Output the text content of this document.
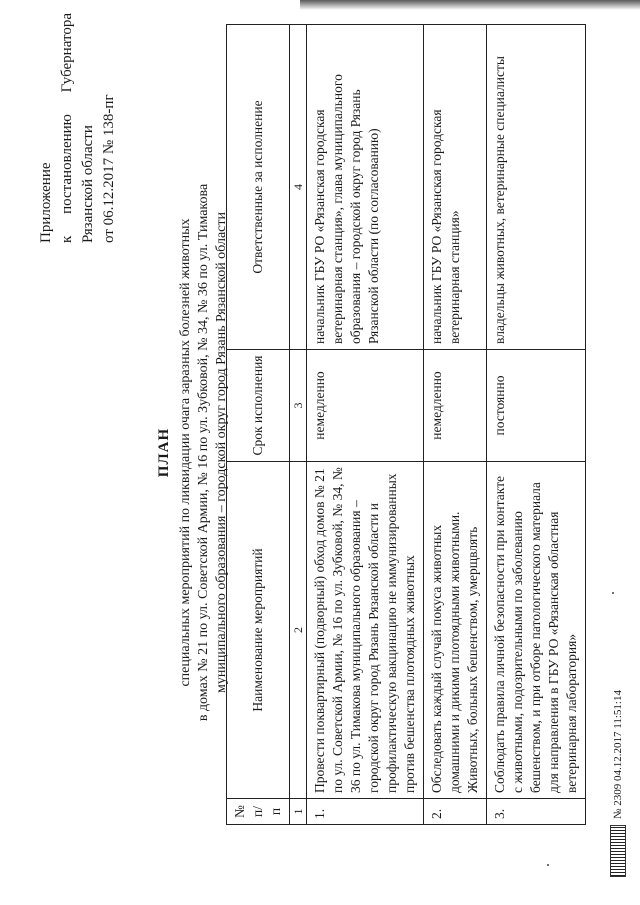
Приложение к
постановлению
Губернатора
Рязанской области от 06.12.2017 № 138-пг
ПЛАН специальных мероприятий по ликвидации очага заразных болезней животных в домах № 21 по ул. Советской Армии, № 16 по ул. Зубковой, № 34, № 36 по ул. Тимакова муниципального образования – городской округ город Рязань Рязанской области
№ п/п	Наименование мероприятий	Срок исполнения	Ответственные за исполнение
1	2	3	4
1.	Провести поквартирный (подворный) обход домов № 21 по ул. Советской Армии, № 16 по ул. Зубковой, № 34, № 36 по ул. Тимакова муниципального образования – городской округ город Рязань Рязанской области и профилактическую вакцинацию не иммунизированных против бешенства плотоядных животных	немедленно	начальник ГБУ РО «Рязанская городская ветеринарная станция», глава муниципального образования – городской округ город Рязань Рязанской области (по согласованию)
2.	Обследовать каждый случай покуса животных домашними и дикими плотоядными животными. Животных, больных бешенством, умерщвлять	немедленно	начальник ГБУ РО «Рязанская городская ветеринарная станция»
3.	Соблюдать правила личной безопасности при контакте с животными, подозрительными по заболеванию бешенством, и при отборе патологического материала для направления в ГБУ РО «Рязанская областная ветеринарная лаборатория»	постоянно	владельцы животных, ветеринарные специалисты
№ 2309 04.12.2017 11:51:14
